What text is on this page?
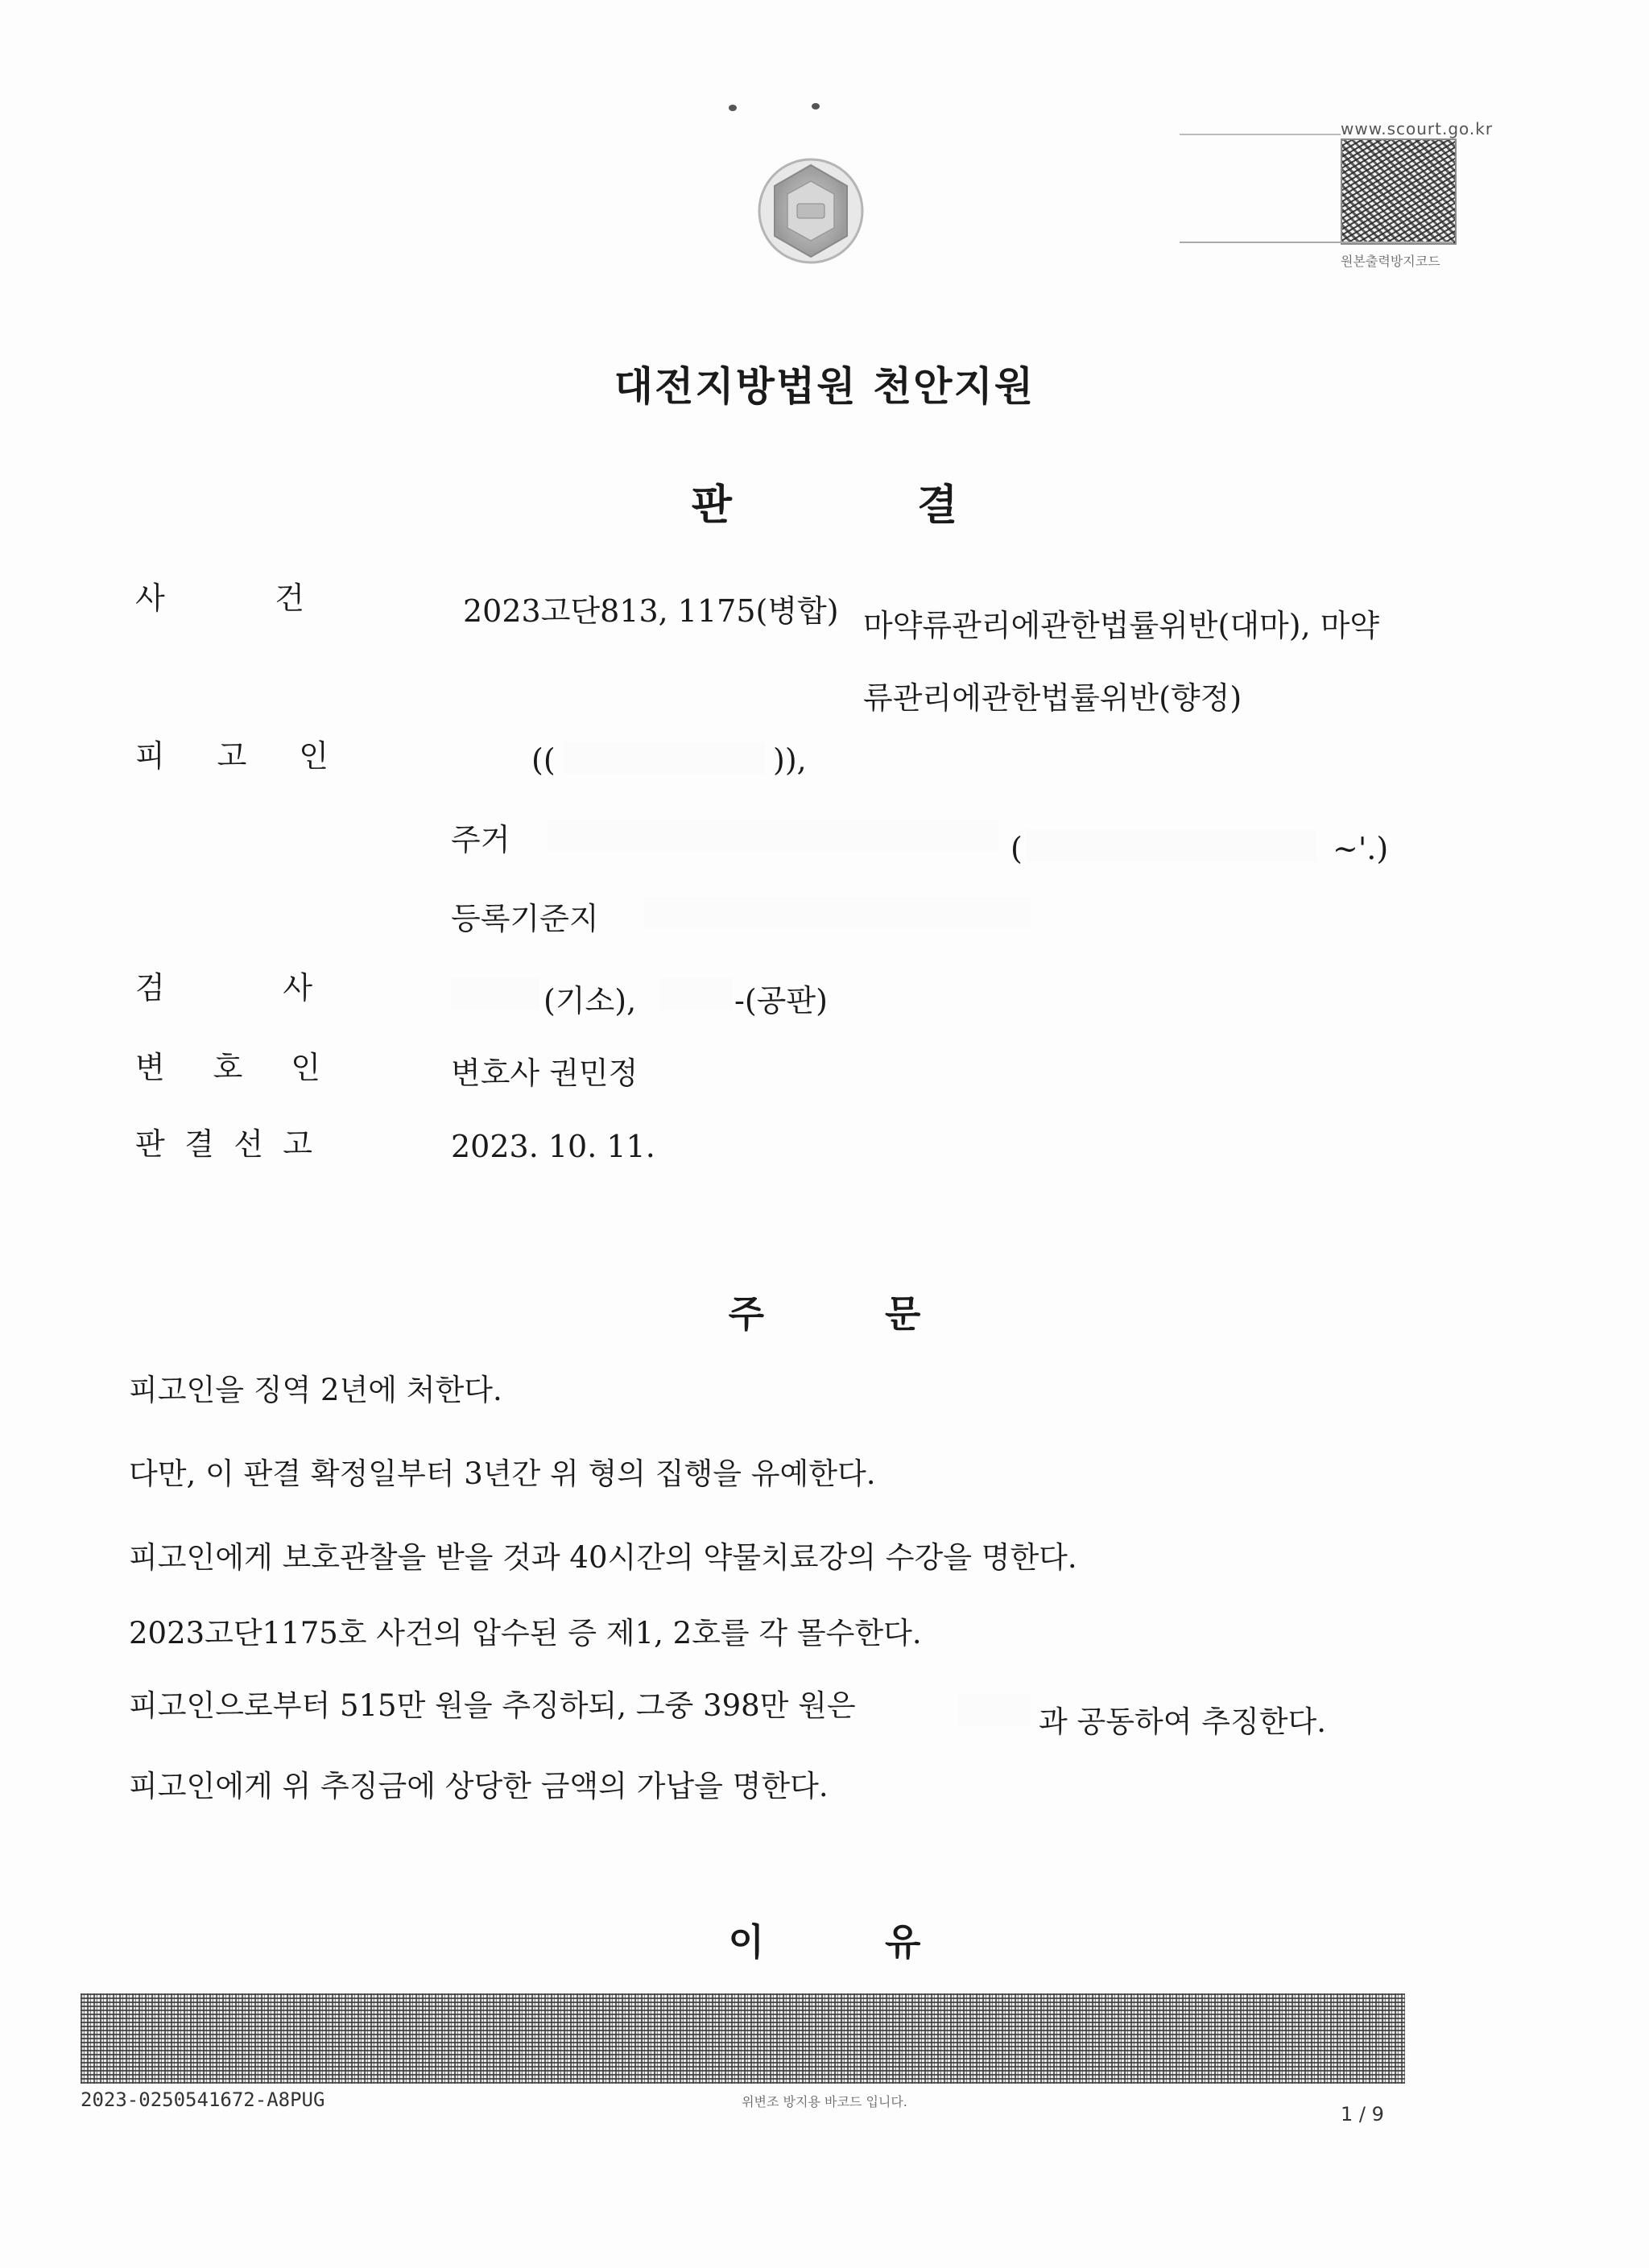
www.scourt.go.kr
원본출력방지코드
대전지방법원 천안지원
판	결
사	건	2023고단813, 1175(병합) 마약류관리에관한법률위반(대마), 마약
류관리에관한법률위반(향정)
피 고 인	((	)),
주거	(	~'.)
등록기준지
검	사	(기소),	-(공판)
변 호 인	변호사 권민정
판 결 선 고	2023. 10. 11.
주	문
피고인을 징역 2년에 처한다.
다만, 이 판결 확정일부터 3년간 위 형의 집행을 유예한다.
피고인에게 보호관찰을 받을 것과 40시간의 약물치료강의 수강을 명한다.
2023고단1175호 사건의 압수된 증 제1, 2호를 각 몰수한다.
피고인으로부터 515만 원을 추징하되, 그중 398만 원은	과 공동하여 추징한다.
피고인에게 위 추징금에 상당한 금액의 가납을 명한다.
이	유
2023-0250541672-A8PUG	위변조 방지용 바코드 입니다.
1 / 9
